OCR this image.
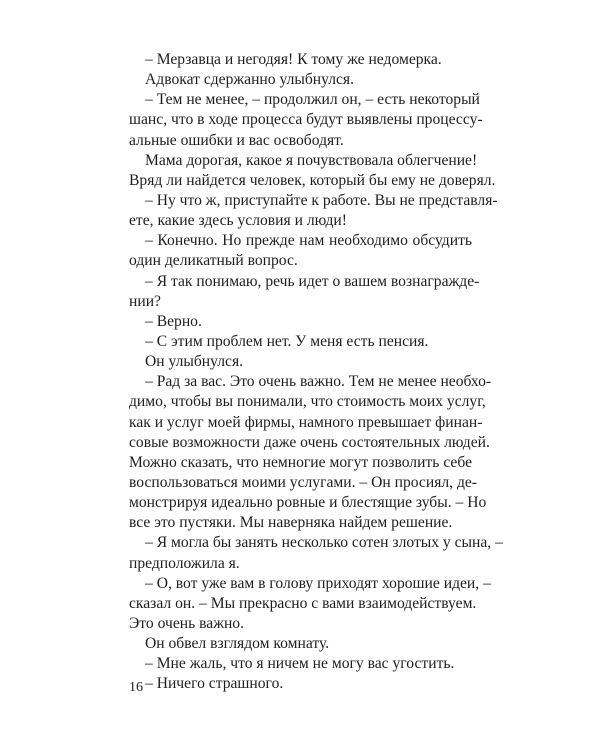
– Мерзавца и негодяя! К тому же недомерка.
Адвокат сдержанно улыбнулся.
– Тем не менее, – продолжил он, – есть некоторый
шанс, что в ходе процесса будут выявлены процессу-
альные ошибки и вас освободят.
Мама дорогая, какое я почувствовала облегчение!
Вряд ли найдется человек, который бы ему не доверял.
– Ну что ж, приступайте к работе. Вы не представля-
ете, какие здесь условия и люди!
– Конечно. Но прежде нам необходимо обсудить
один деликатный вопрос.
– Я так понимаю, речь идет о вашем вознагражде-
нии?
– Верно.
– С этим проблем нет. У меня есть пенсия.
Он улыбнулся.
– Рад за вас. Это очень важно. Тем не менее необхо-
димо, чтобы вы понимали, что стоимость моих услуг,
как и услуг моей фирмы, намного превышает финан-
совые возможности даже очень состоятельных людей.
Можно сказать, что немногие могут позволить себе
воспользоваться моими услугами. – Он просиял, де-
монстрируя идеально ровные и блестящие зубы. – Но
все это пустяки. Мы наверняка найдем решение.
– Я могла бы занять несколько сотен злотых у сына, –
предположила я.
– О, вот уже вам в голову приходят хорошие идеи, –
сказал он. – Мы прекрасно с вами взаимодействуем.
Это очень важно.
Он обвел взглядом комнату.
– Мне жаль, что я ничем не могу вас угостить.
– Ничего страшного.
16
